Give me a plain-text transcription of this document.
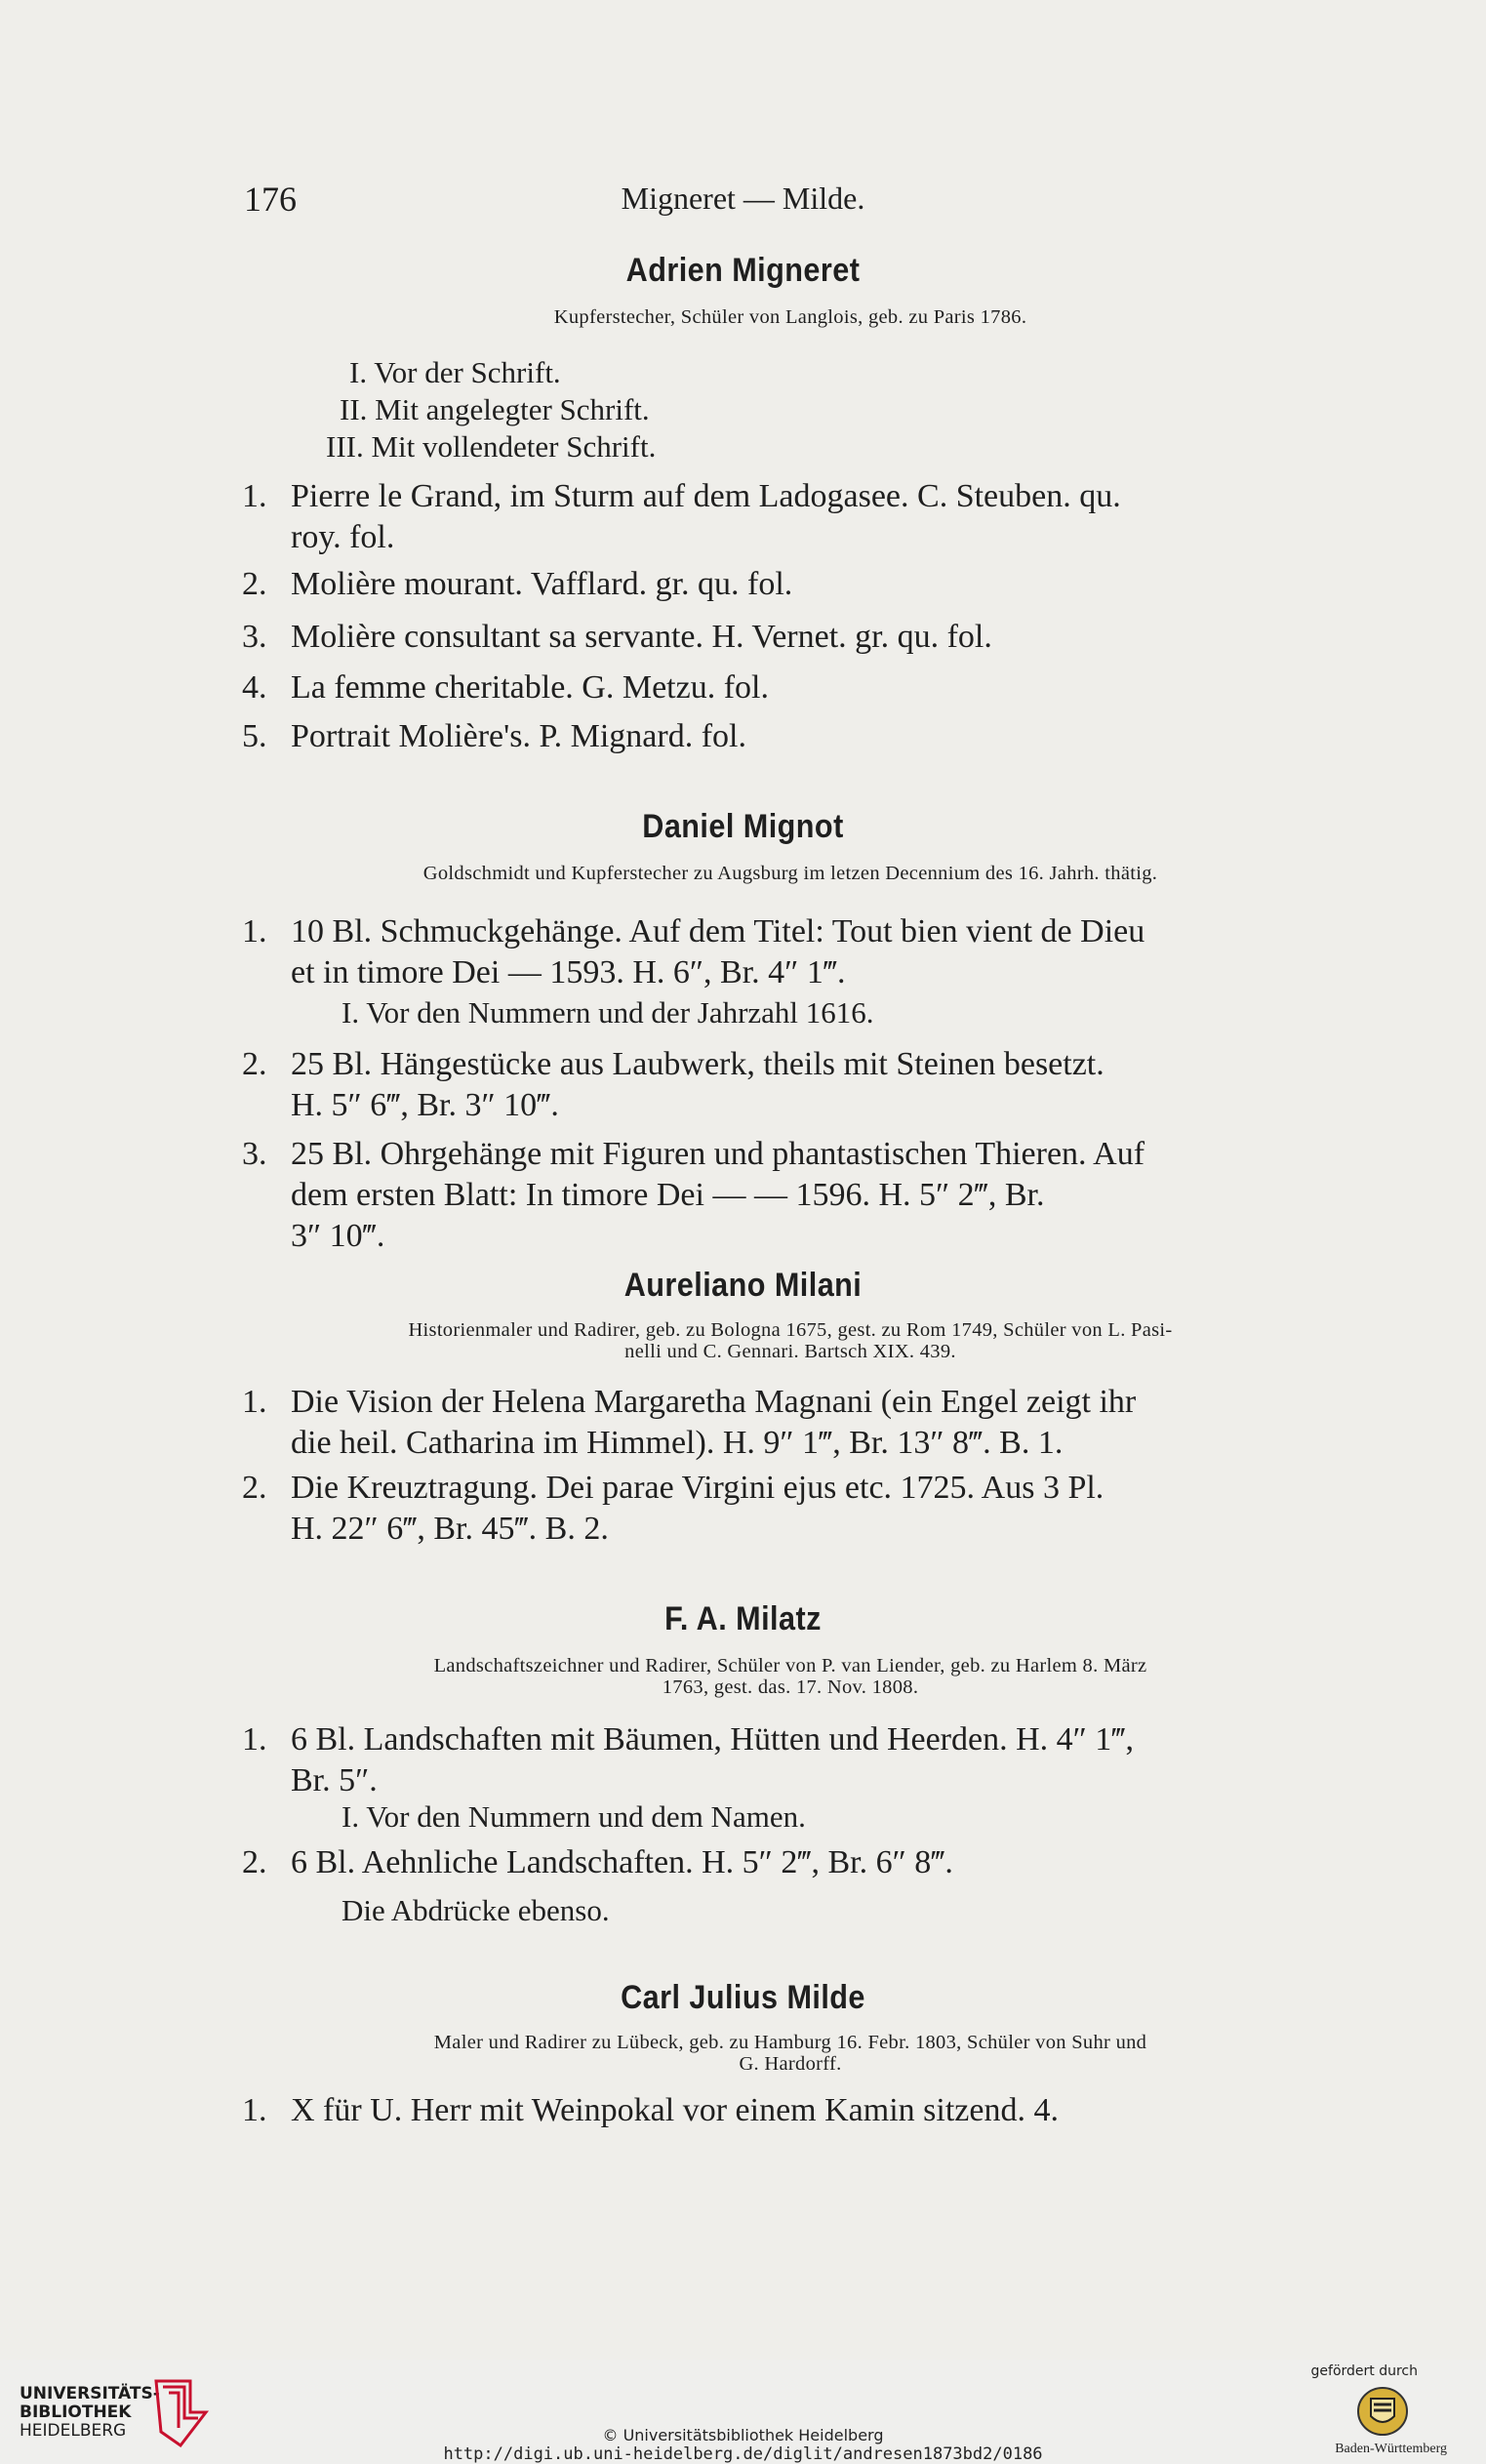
176	Migneret — Milde.
Adrien Migneret
Kupferstecher, Schüler von Langlois, geb. zu Paris 1786.
I. Vor der Schrift.
II. Mit angelegter Schrift.
III. Mit vollendeter Schrift.
1. Pierre le Grand, im Sturm auf dem Ladogasee. C. Steuben. qu.
roy. fol.
2. Molière mourant. Vafflard. gr. qu. fol.
3. Molière consultant sa servante. H. Vernet. gr. qu. fol.
4. La femme cheritable. G. Metzu. fol.
5. Portrait Molière's. P. Mignard. fol.
Daniel Mignot
Goldschmidt und Kupferstecher zu Augsburg im letzen Decennium des 16. Jahrh. thätig.
1. 10 Bl. Schmuckgehänge. Auf dem Titel: Tout bien vient de Dieu
et in timore Dei — 1593. H. 6″, Br. 4″ 1‴.
I. Vor den Nummern und der Jahrzahl 1616.
2. 25 Bl. Hängestücke aus Laubwerk, theils mit Steinen besetzt.
H. 5″ 6‴, Br. 3″ 10‴.
3. 25 Bl. Ohrgehänge mit Figuren und phantastischen Thieren. Auf
dem ersten Blatt: In timore Dei — — 1596. H. 5″ 2‴, Br.
3″ 10‴.
Aureliano Milani
Historienmaler und Radirer, geb. zu Bologna 1675, gest. zu Rom 1749, Schüler von L. Pasi-
nelli und C. Gennari. Bartsch XIX. 439.
1. Die Vision der Helena Margaretha Magnani (ein Engel zeigt ihr
die heil. Catharina im Himmel). H. 9″ 1‴, Br. 13″ 8‴. B. 1.
2. Die Kreuztragung. Dei parae Virgini ejus etc. 1725. Aus 3 Pl.
H. 22″ 6‴, Br. 45‴. B. 2.
F. A. Milatz
Landschaftszeichner und Radirer, Schüler von P. van Liender, geb. zu Harlem 8. März
1763, gest. das. 17. Nov. 1808.
1. 6 Bl. Landschaften mit Bäumen, Hütten und Heerden. H. 4″ 1‴,
Br. 5″.
I. Vor den Nummern und dem Namen.
2. 6 Bl. Aehnliche Landschaften. H. 5″ 2‴, Br. 6″ 8‴.
Die Abdrücke ebenso.
Carl Julius Milde
Maler und Radirer zu Lübeck, geb. zu Hamburg 16. Febr. 1803, Schüler von Suhr und
G. Hardorff.
1. X für U. Herr mit Weinpokal vor einem Kamin sitzend. 4.
UNIVERSITÄTS-
BIBLIOTHEK
HEIDELBERG	© Universitätsbibliothek Heidelberg
http://digi.ub.uni-heidelberg.de/diglit/andresen1873bd2/0186
gefördert durch
Baden-Württemberg
